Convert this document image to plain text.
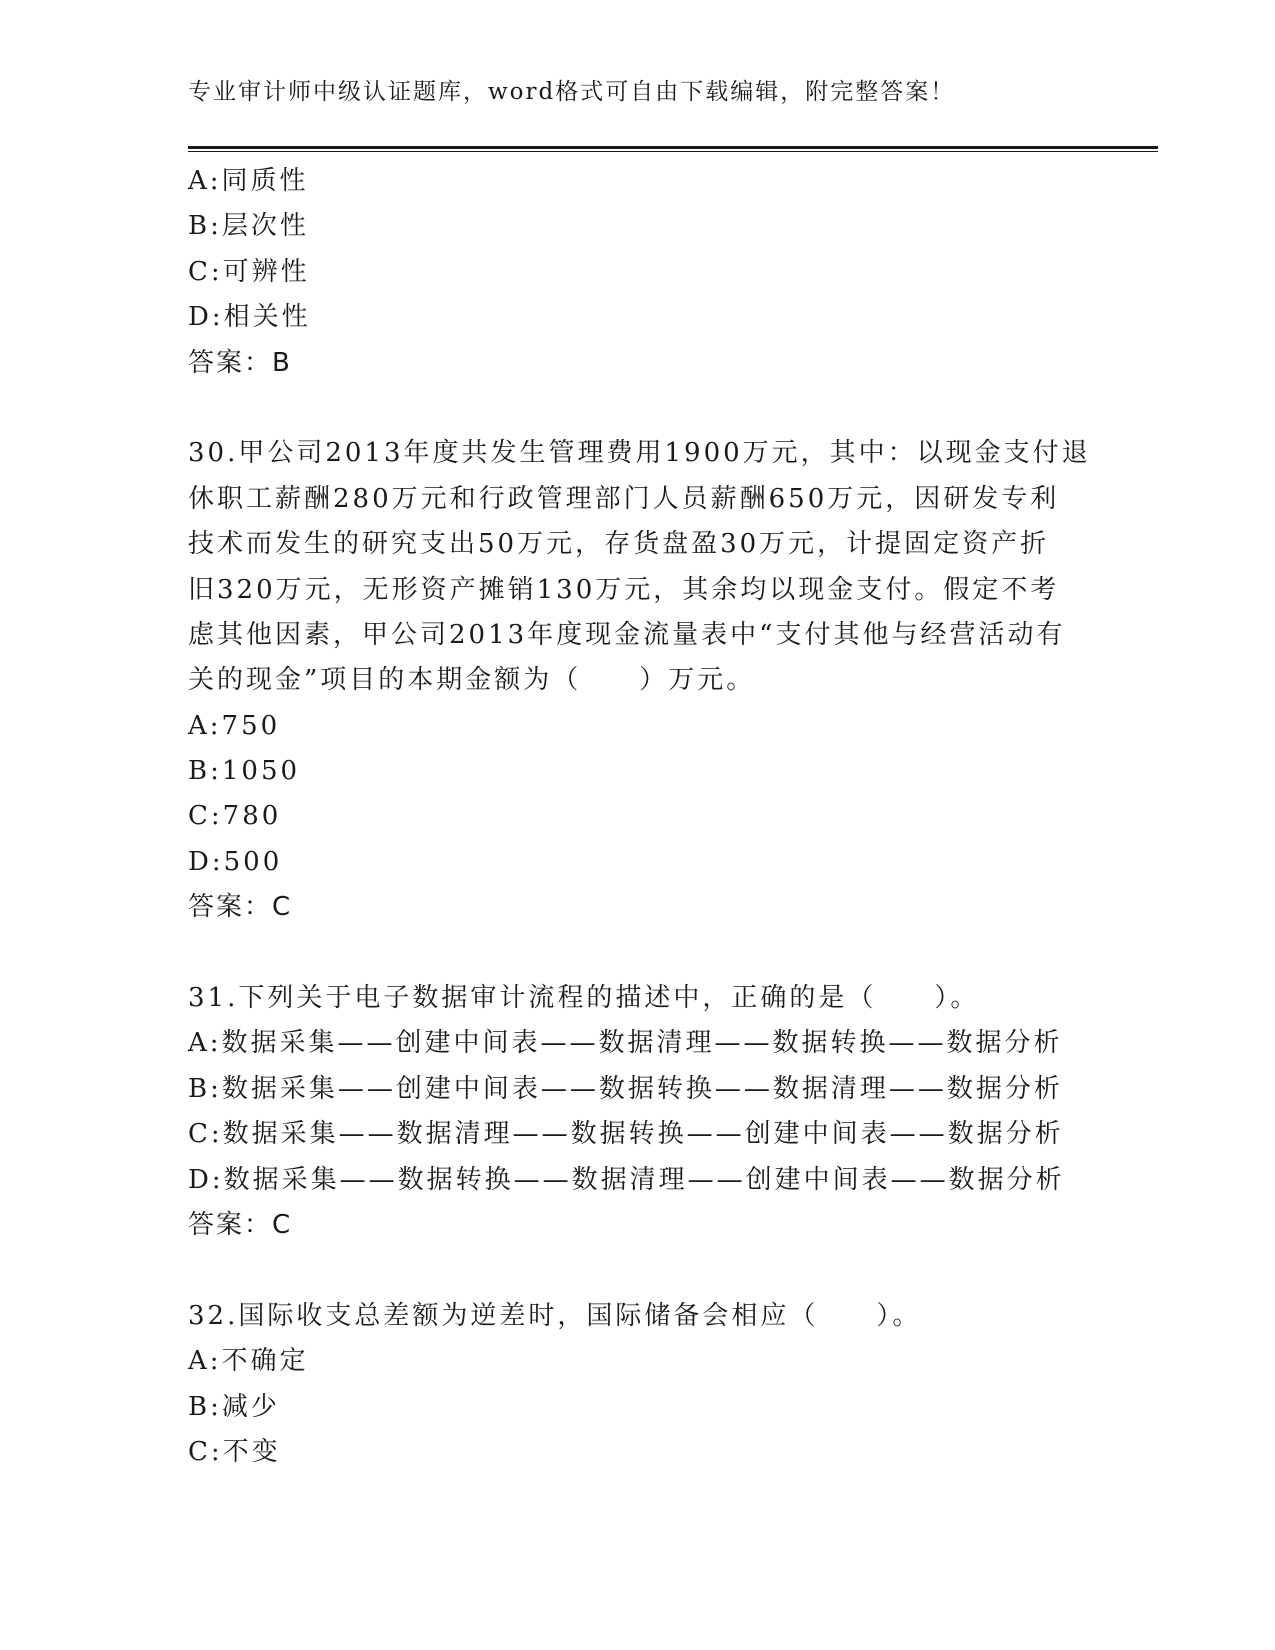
专业审计师中级认证题库，word格式可自由下载编辑，附完整答案！
A:同质性
B:层次性
C:可辨性
D:相关性
答案：B
30.甲公司2013年度共发生管理费用1900万元，其中：以现金支付退
休职工薪酬280万元和行政管理部门人员薪酬650万元，因研发专利
技术而发生的研究支出50万元，存货盘盈30万元，计提固定资产折
旧320万元，无形资产摊销130万元，其余均以现金支付。假定不考
虑其他因素，甲公司2013年度现金流量表中“支付其他与经营活动有
关的现金”项目的本期金额为（　　）万元。
A:750
B:1050
C:780
D:500
答案：C
31.下列关于电子数据审计流程的描述中，正确的是（　　）。
A:数据采集——创建中间表——数据清理——数据转换——数据分析
B:数据采集——创建中间表——数据转换——数据清理——数据分析
C:数据采集——数据清理——数据转换——创建中间表——数据分析
D:数据采集——数据转换——数据清理——创建中间表——数据分析
答案：C
32.国际收支总差额为逆差时，国际储备会相应（　　）。
A:不确定
B:减少
C:不变
